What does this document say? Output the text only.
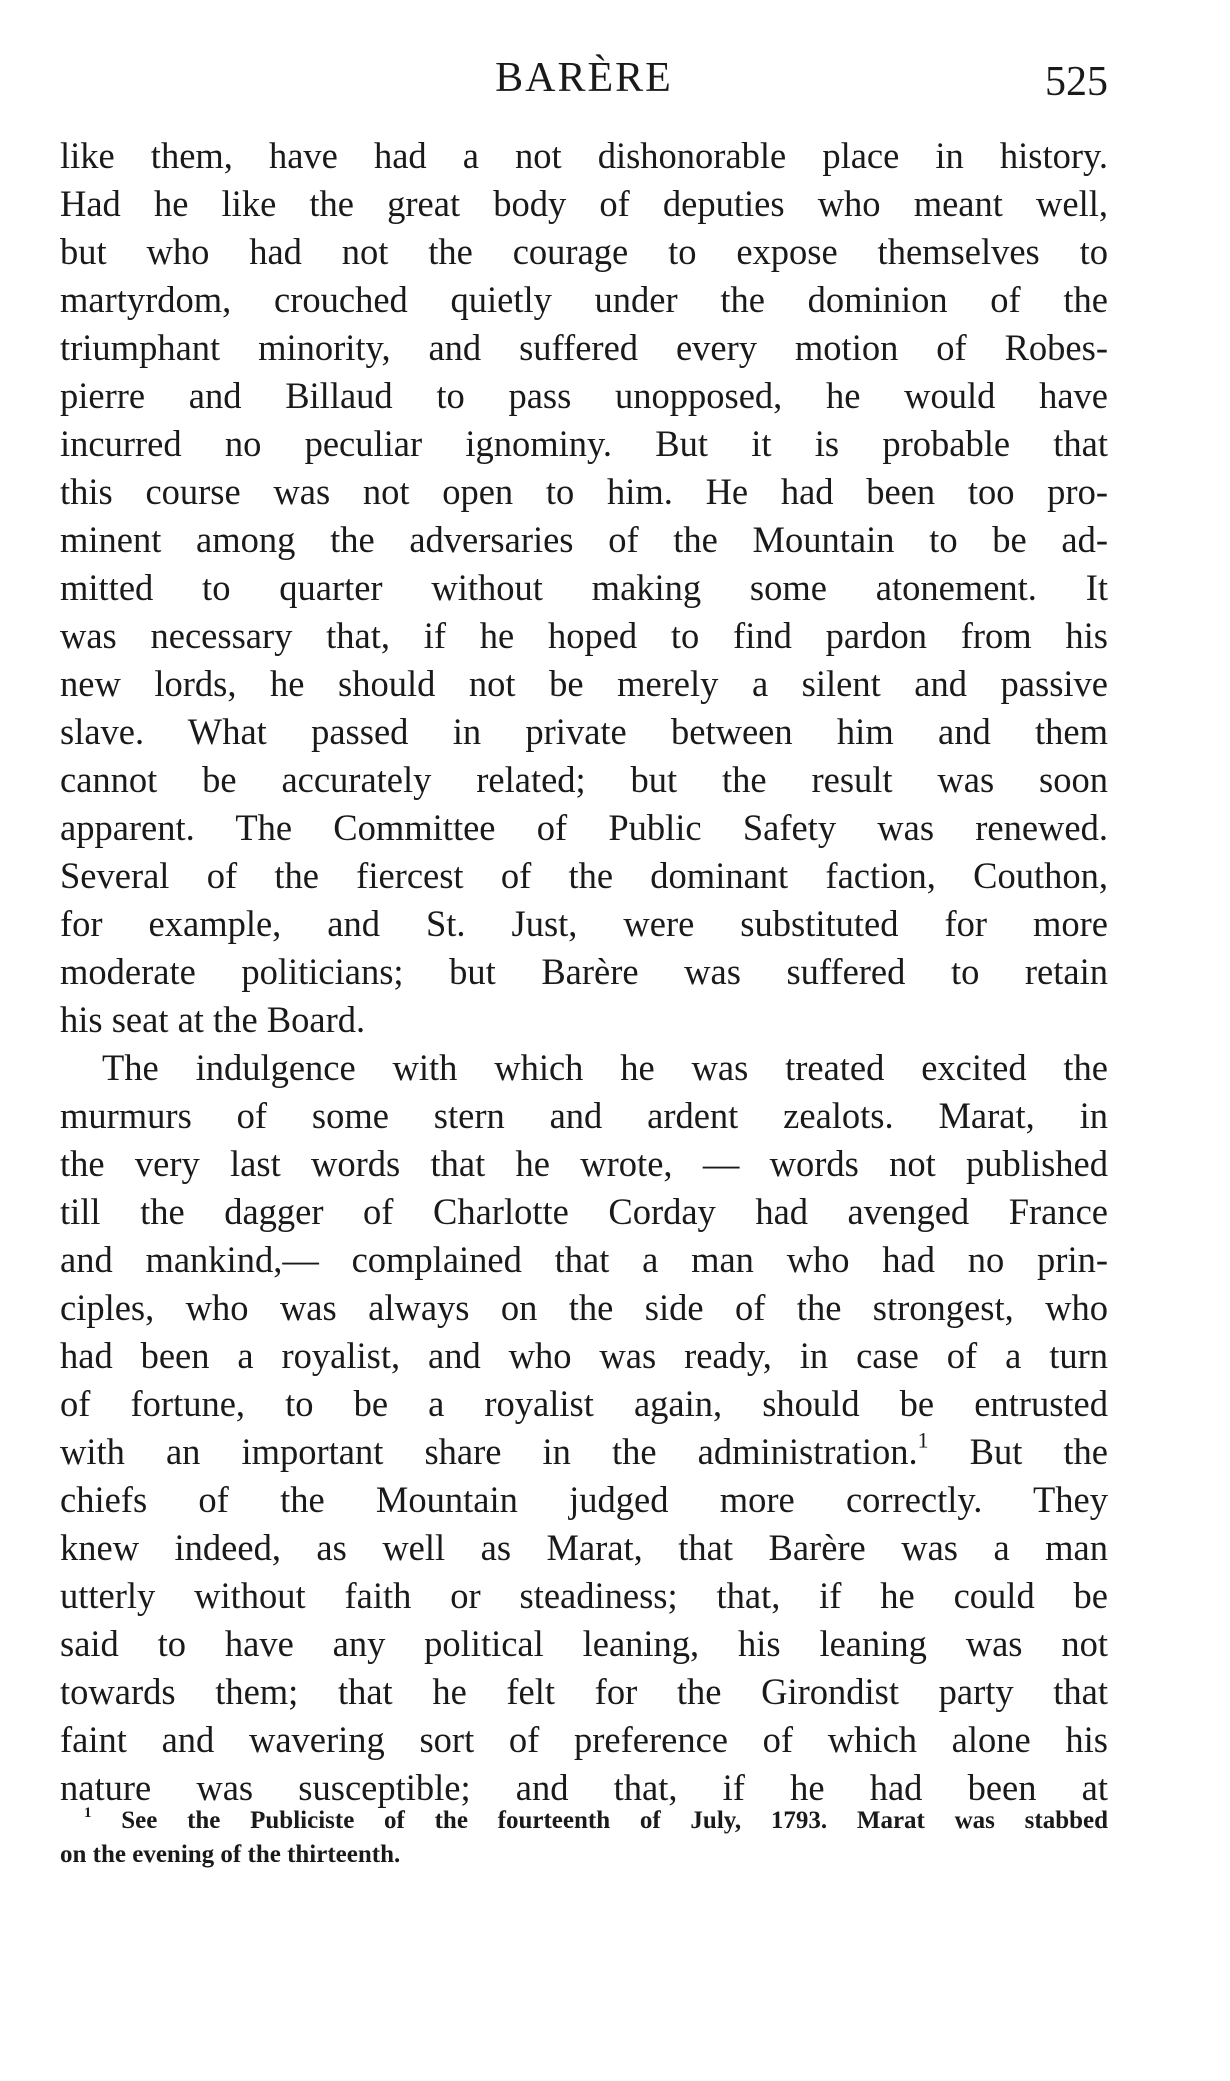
BARÈRE	525
like them, have had a not dishonorable place in history.
Had he like the great body of deputies who meant well,
but who had not the courage to expose themselves to
martyrdom, crouched quietly under the dominion of the
triumphant minority, and suffered every motion of Robes-
pierre and Billaud to pass unopposed, he would have
incurred no peculiar ignominy. But it is probable that
this course was not open to him. He had been too pro-
minent among the adversaries of the Mountain to be ad-
mitted to quarter without making some atonement. It
was necessary that, if he hoped to find pardon from his
new lords, he should not be merely a silent and passive
slave. What passed in private between him and them
cannot be accurately related; but the result was soon
apparent. The Committee of Public Safety was renewed.
Several of the fiercest of the dominant faction, Couthon,
for example, and St. Just, were substituted for more
moderate politicians; but Barère was suffered to retain
his seat at the Board.
The indulgence with which he was treated excited the
murmurs of some stern and ardent zealots. Marat, in
the very last words that he wrote, — words not published
till the dagger of Charlotte Corday had avenged France
and mankind,— complained that a man who had no prin-
ciples, who was always on the side of the strongest, who
had been a royalist, and who was ready, in case of a turn
of fortune, to be a royalist again, should be entrusted
with an important share in the administration.$^1$ But the
chiefs of the Mountain judged more correctly. They
knew indeed, as well as Marat, that Barère was a man
utterly without faith or steadiness; that, if he could be
said to have any political leaning, his leaning was not
towards them; that he felt for the Girondist party that
faint and wavering sort of preference of which alone his
nature was susceptible; and that, if he had been at
$^1$ See the Publiciste of the fourteenth of July, 1793. Marat was stabbed
on the evening of the thirteenth.
